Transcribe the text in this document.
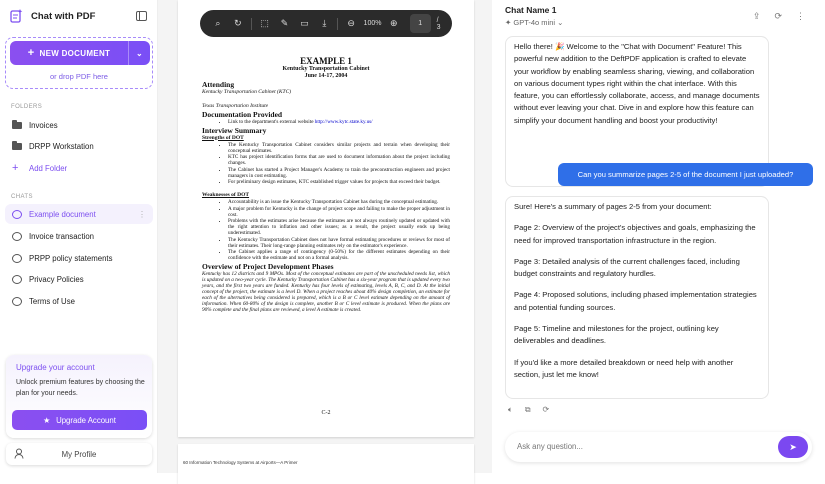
Chat with PDF
+ NEW DOCUMENT	⌄
or drop PDF here
FOLDERS
Invoices
DRPP Workstation
+	Add Folder
CHATS
Example document	⋮
Invoice transaction
PRPP policy statements
Privacy Policies
Terms of Use
Upgrade your account

Unlock premium features by choosing the plan for your needs.

★ Upgrade Account
My Profile
EXAMPLE 1
Kentucky Transportation Cabinet
June 14-17, 2004
Attending
Kentucky Transportation Cabinet (KTC)
Texas Transportation Institute
Documentation Provided
• Link to the department's external website http://www.kytc.state.ky.us/
Interview Summary
Strengths of DOT
• The Kentucky Transportation Cabinet considers similar projects and terrain when developing their conceptual estimates.
• KTC has project identification forms that are used to document information about the project including changes.
• The Cabinet has started a Project Manager's Academy to train the preconstruction engineers and project managers in cost estimating.
• For preliminary design estimates, KTC established trigger values for projects that exceed their budget.
Weaknesses of DOT
• Accountability is an issue the Kentucky Transportation Cabinet has during the conceptual estimating.
• A major problem for Kentucky is the change of project scope and failing to make the proper adjustment in cost.
• Problems with the estimates arise because the estimates are not always routinely updated or updated with the right attention to inflation and other issues; as a result, the project usually ends up being underestimated.
• The Kentucky Transportation Cabinet does not have formal estimating procedures or reviews for most of their estimates. Their long-range planning estimates rely on the estimator's experience.
• The Cabinet applies a range of contingency (0-50%) for the different estimates depending on their confidence with the estimate and not on a formal analysis.
Overview of Project Development Phases
Kentucky has 12 districts and 9 MPOs. Most of the conceptual estimates are part of the unscheduled needs list, which is updated on a two-year cycle. The Kentucky Transportation Cabinet has a six-year program that is updated every two years, and the first two years are funded. Kentucky has four levels of estimating, levels A, B, C, and D. At the initial concept of the project, the estimate is a level D. When a project reaches about 40% design completion, an estimate for each of the alternatives being considered is prepared, which is a B or C level estimate depending on the amount of information. When 60-80% of the design is complete, another B or C level estimate is produced. When the plans are 90% complete and the final plans are reviewed, a level A estimate is created.
C-2
60 Information Technology Systems at Airports—A Primer
⌕	↻	⬚	✎	▭	⤓	⊖	100% ⊕	1	/ 3
Chat Name 1
✦ GPT-4o mini ⌄
⇪ ⟳ ⋮
Hello there! 🎉 Welcome to the "Chat with Document" Feature! This powerful new addition to the DeftPDF application is crafted to elevate your workflow by enabling seamless sharing, viewing, and collaboration on various document types right within the chat interface. With this feature, you can effortlessly collaborate, access, and manage documents without ever leaving your chat. Dive in and explore how this feature can simplify your document handling and boost your productivity!
Can you summarize pages 2-5 of the document I just uploaded?

Sure! Here's a summary of pages 2-5 from your document:

Page 2: Overview of the project's objectives and goals, emphasizing the need for improved transportation infrastructure in the region.

Page 3: Detailed analysis of the current challenges faced, including budget constraints and regulatory hurdles.

Page 4: Proposed solutions, including phased implementation strategies and potential funding sources.

Page 5: Timeline and milestones for the project, outlining key deliverables and deadlines.

If you'd like a more detailed breakdown or need help with another section, just let me know!

🔈︎ ⧉ ⟳
Ask any question...	➤
